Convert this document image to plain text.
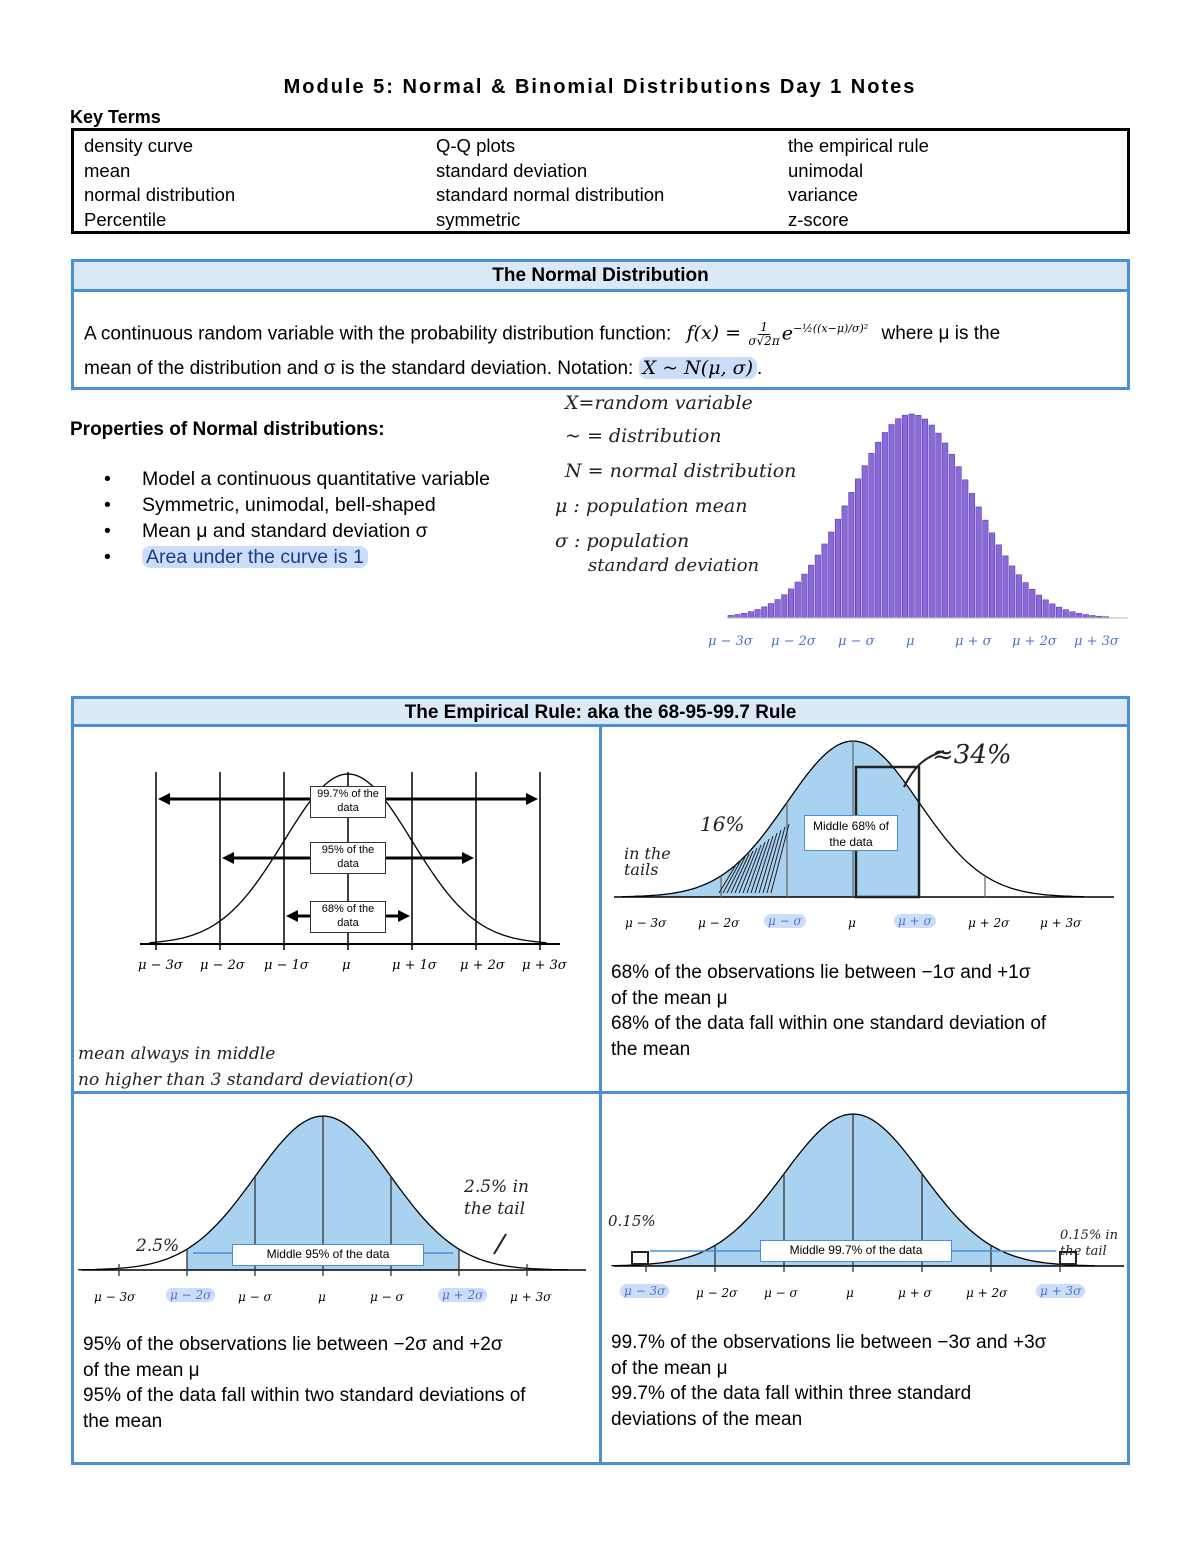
Module 5: Normal & Binomial Distributions Day 1 Notes
Key Terms
density curve	Q-Q plots	the empirical rule
mean	standard deviation	unimodal
normal distribution	standard normal distribution	variance
Percentile	symmetric	z-score
The Normal Distribution
A continuous random variable with the probability distribution function: $f(x) = \frac{1}{\sigma√2\pi} e^{-\frac{1}{2}((x-\mu)/\sigma)^2}$ where μ is the
mean of the distribution and σ is the standard deviation. Notation: X ~ N(μ, σ) .
Properties of Normal distributions:
• Model a continuous quantitative variable
• Symmetric, unimodal, bell-shaped
• Mean μ and standard deviation σ
• Area under the curve is 1
X=random variable
~ = distribution
N = normal distribution
μ : population mean
σ : population
standard deviation
μ − 3σ μ − 2σ μ − σ μ	μ + σ μ + 2σ μ + 3σ
The Empirical Rule: aka the 68-95-99.7 Rule
99.7% of the data
95% of the data
68% of the data
μ − 3σ μ − 2σ μ − 1σ	μ	μ + 1σ μ + 2σ μ + 3σ
mean always in middle
no higher than 3 standard deviation(σ)
Middle 68% of the data
≈34%
16%
in the tails
μ − 3σ	μ − 2σ	μ − σ	μ	μ + σ	μ + 2σ	μ + 3σ
68% of the observations lie between −1σ and +1σ
of the mean μ
68% of the data fall within one standard deviation of
the mean
Middle 95% of the data
2.5%
2.5% in the tail
μ − 3σ	μ − 2σ	μ − σ	μ	μ − σ	μ + 2σ	μ + 3σ
95% of the observations lie between −2σ and +2σ
of the mean μ
95% of the data fall within two standard deviations of
the mean
Middle 99.7% of the data
0.15%
0.15% in the tail
μ − 3σ	μ − 2σ μ − σ	μ	μ + σ	μ + 2σ	μ + 3σ
99.7% of the observations lie between −3σ and +3σ
of the mean μ
99.7% of the data fall within three standard
deviations of the mean
